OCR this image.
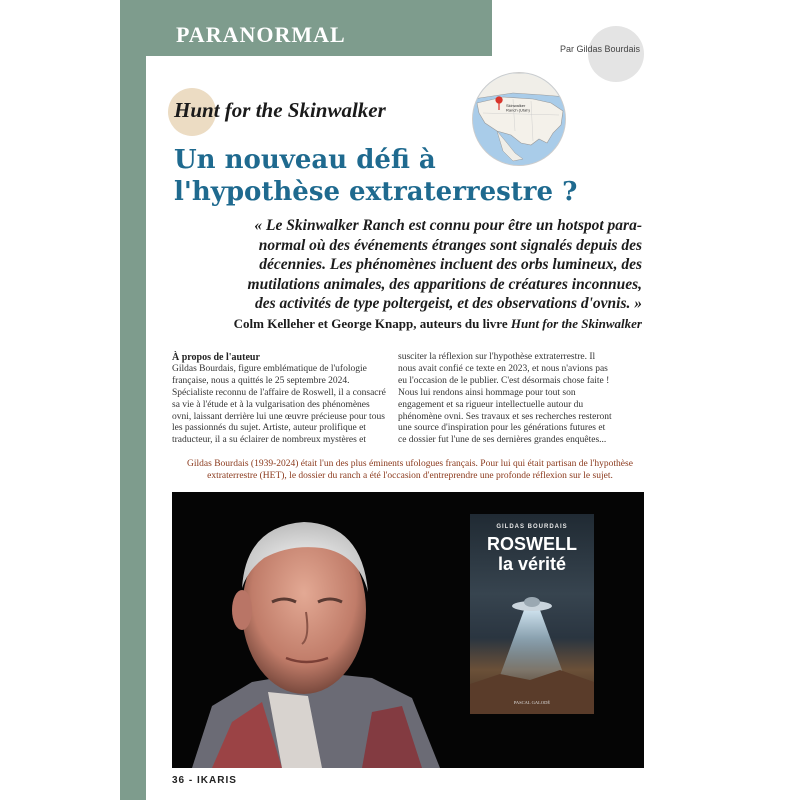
PARANORMAL
Par Gildas Bourdais
Hunt for the Skinwalker	Skinwalker
Ranch (Utah)
Un nouveau défi à
l'hypothèse extraterrestre ?
« Le Skinwalker Ranch est connu pour être un hotspot para-
normal où des événements étranges sont signalés depuis des
décennies. Les phénomènes incluent des orbs lumineux, des
mutilations animales, des apparitions de créatures inconnues,
des activités de type poltergeist, et des observations d'ovnis. »
Colm Kelleher et George Knapp, auteurs du livre Hunt for the Skinwalker
À propos de l'auteur
Gildas Bourdais, figure emblématique de l'ufologie
française, nous a quittés le 25 septembre 2024.
Spécialiste reconnu de l'affaire de Roswell, il a consacré
sa vie à l'étude et à la vulgarisation des phénomènes
ovni, laissant derrière lui une œuvre précieuse pour tous
les passionnés du sujet. Artiste, auteur prolifique et
traducteur, il a su éclairer de nombreux mystères et
susciter la réflexion sur l'hypothèse extraterrestre. Il
nous avait confié ce texte en 2023, et nous n'avions pas
eu l'occasion de le publier. C'est désormais chose faite !
Nous lui rendons ainsi hommage pour tout son
engagement et sa rigueur intellectuelle autour du
phénomène ovni. Ses travaux et ses recherches resteront
une source d'inspiration pour les générations futures et
ce dossier fut l'une de ses dernières grandes enquêtes...
Gildas Bourdais (1939-2024) était l'un des plus éminents ufologues français. Pour lui qui était partisan de l'hypothèse
extraterrestre (HET), le dossier du ranch a été l'occasion d'entreprendre une profonde réflexion sur le sujet.
GILDAS BOURDAIS
ROSWELL
la vérité
PASCAL GALODÉ
36 - IKARIS
